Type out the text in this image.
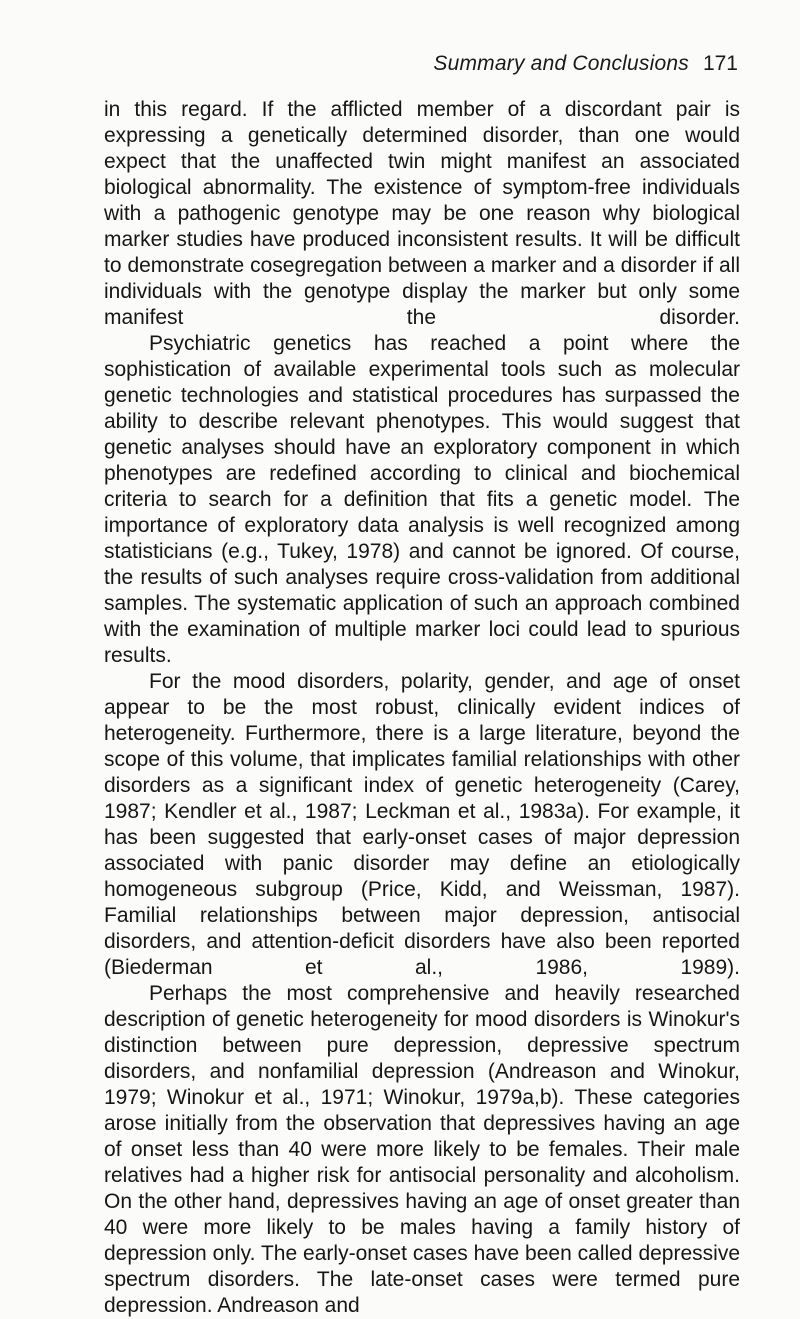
Summary and Conclusions 171

in this regard. If the afflicted member of a discordant pair is expressing a genetically determined disorder, than one would expect that the unaffected twin might manifest an associated biological abnormality. The existence of symptom-free individuals with a pathogenic genotype may be one reason why biological marker studies have produced inconsistent results. It will be difficult to demonstrate cosegregation between a marker and a disorder if all individuals with the genotype display the marker but only some manifest the disorder.

Psychiatric genetics has reached a point where the sophistication of available experimental tools such as molecular genetic technologies and statistical procedures has surpassed the ability to describe relevant phenotypes. This would suggest that genetic analyses should have an exploratory component in which phenotypes are redefined according to clinical and biochemical criteria to search for a definition that fits a genetic model. The importance of exploratory data analysis is well recognized among statisticians (e.g., Tukey, 1978) and cannot be ignored. Of course, the results of such analyses require cross-validation from additional samples. The systematic application of such an approach combined with the examination of multiple marker loci could lead to spurious results.

For the mood disorders, polarity, gender, and age of onset appear to be the most robust, clinically evident indices of heterogeneity. Furthermore, there is a large literature, beyond the scope of this volume, that implicates familial relationships with other disorders as a significant index of genetic heterogeneity (Carey, 1987; Kendler et al., 1987; Leckman et al., 1983a). For example, it has been suggested that early-onset cases of major depression associated with panic disorder may define an etiologically homogeneous subgroup (Price, Kidd, and Weissman, 1987). Familial relationships between major depression, antisocial disorders, and attention-deficit disorders have also been reported (Biederman et al., 1986, 1989).

Perhaps the most comprehensive and heavily researched description of genetic heterogeneity for mood disorders is Winokur's distinction between pure depression, depressive spectrum disorders, and nonfamilial depression (Andreason and Winokur, 1979; Winokur et al., 1971; Winokur, 1979a,b). These categories arose initially from the observation that depressives having an age of onset less than 40 were more likely to be females. Their male relatives had a higher risk for antisocial personality and alcoholism. On the other hand, depressives having an age of onset greater than 40 were more likely to be males having a family history of depression only. The early-onset cases have been called depressive spectrum disorders. The late-onset cases were termed pure depression. Andreason and
